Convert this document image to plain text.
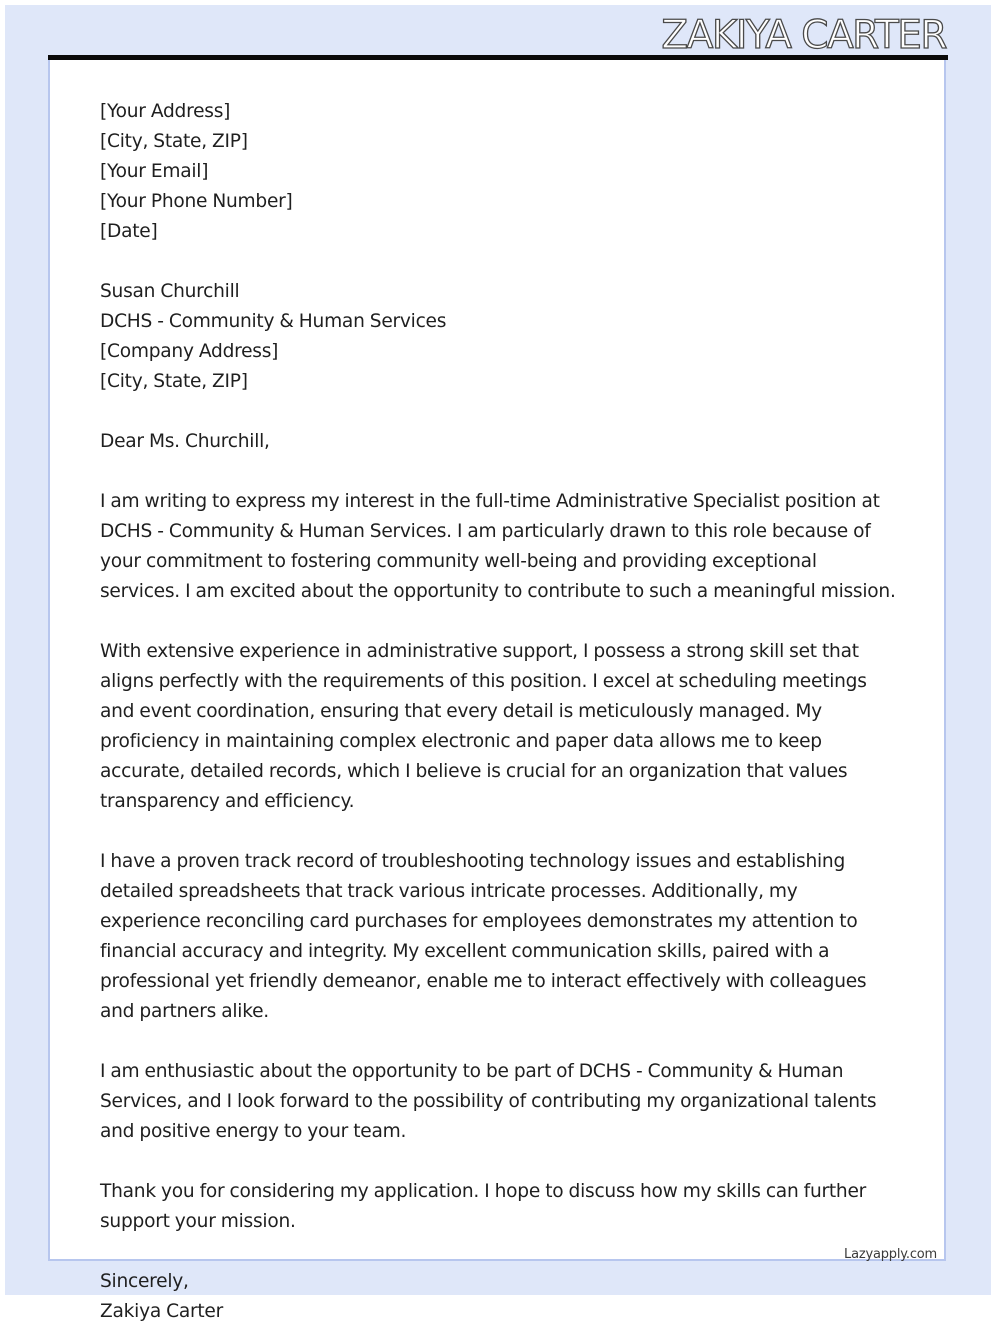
ZAKIYA CARTER
[Your Address]
[City, State, ZIP]
[Your Email]
[Your Phone Number]
[Date]
Susan Churchill
DCHS - Community & Human Services
[Company Address]
[City, State, ZIP]

Dear Ms. Churchill,

I am writing to express my interest in the full-time Administrative Specialist position at DCHS - Community & Human Services. I am particularly drawn to this role because of your commitment to fostering community well-being and providing exceptional services. I am excited about the opportunity to contribute to such a meaningful mission.

With extensive experience in administrative support, I possess a strong skill set that aligns perfectly with the requirements of this position. I excel at scheduling meetings and event coordination, ensuring that every detail is meticulously managed. My proficiency in maintaining complex electronic and paper data allows me to keep accurate, detailed records, which I believe is crucial for an organization that values transparency and efficiency.

I have a proven track record of troubleshooting technology issues and establishing detailed spreadsheets that track various intricate processes. Additionally, my experience reconciling card purchases for employees demonstrates my attention to financial accuracy and integrity. My excellent communication skills, paired with a professional yet friendly demeanor, enable me to interact effectively with colleagues and partners alike.

I am enthusiastic about the opportunity to be part of DCHS - Community & Human Services, and I look forward to the possibility of contributing my organizational talents and positive energy to your team.

Thank you for considering my application. I hope to discuss how my skills can further support your mission.

Sincerely,
Zakiya Carter
Lazyapply.com
